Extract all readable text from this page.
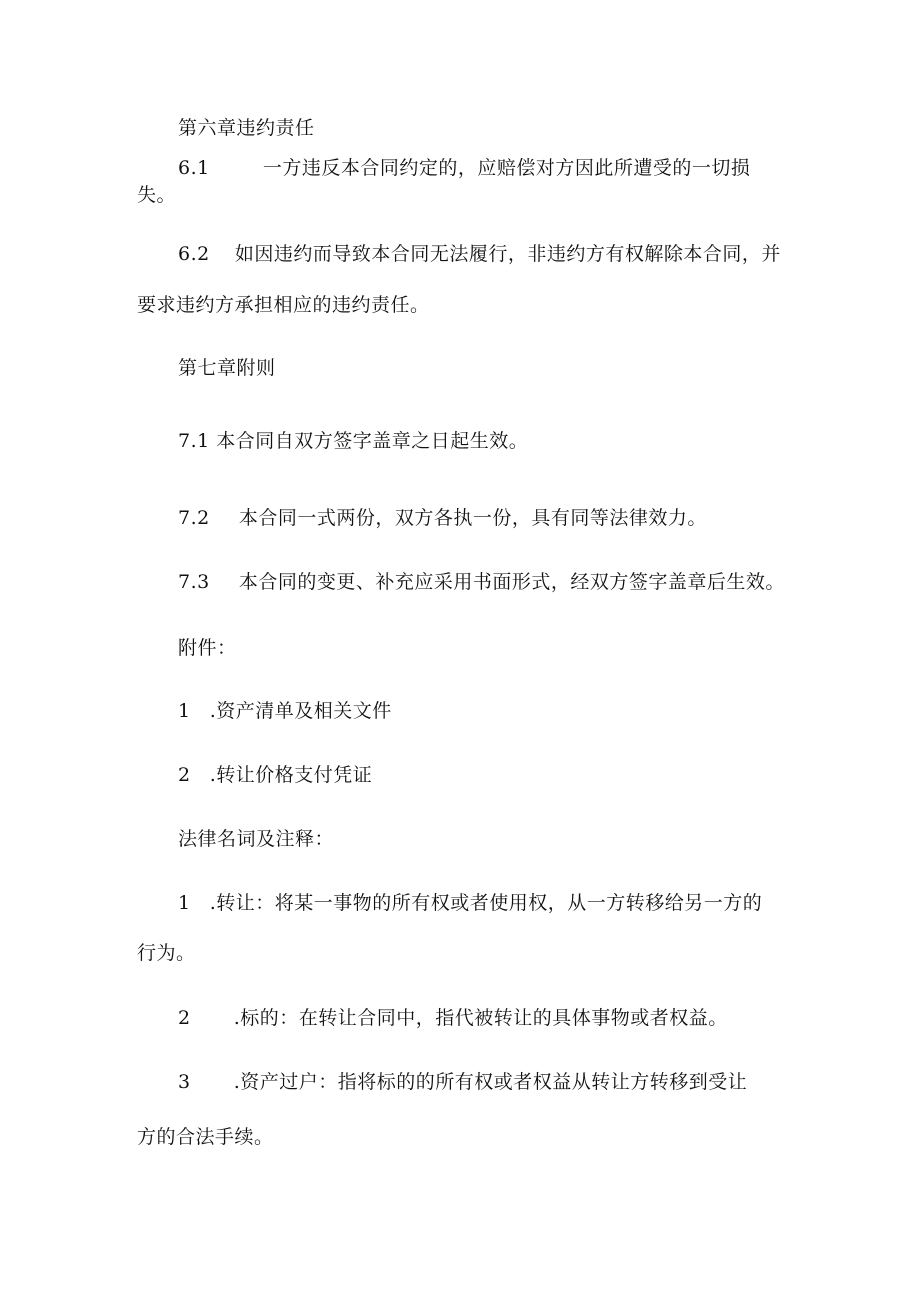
第六章违约责任
6.1	一方违反本合同约定的，应赔偿对方因此所遭受的一切损
失。
6.2 如因违约而导致本合同无法履行，非违约方有权解除本合同，并
要求违约方承担相应的违约责任。
第七章附则
7.1 本合同自双方签字盖章之日起生效。
7.2 本合同一式两份，双方各执一份，具有同等法律效力。
7.3 本合同的变更、补充应采用书面形式，经双方签字盖章后生效。
附件：
1 .资产清单及相关文件
2 .转让价格支付凭证
法律名词及注释：
1 .转让：将某一事物的所有权或者使用权，从一方转移给另一方的
行为。
2 .标的：在转让合同中，指代被转让的具体事物或者权益。
3 .资产过户：指将标的的所有权或者权益从转让方转移到受让
方的合法手续。
